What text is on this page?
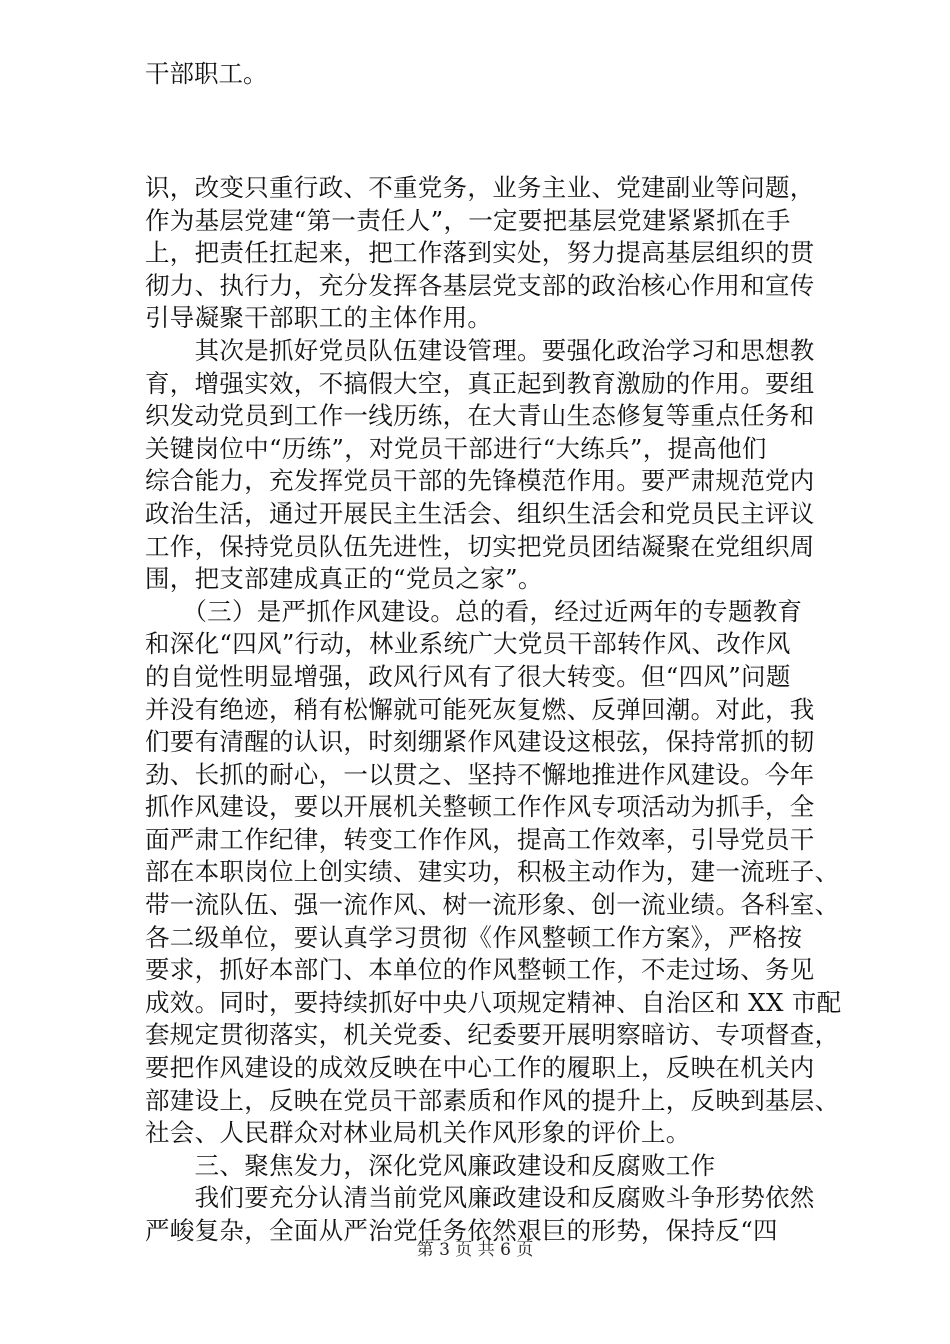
干部职工。
识，改变只重行政、不重党务，业务主业、党建副业等问题，
作为基层党建“第一责任人”，一定要把基层党建紧紧抓在手
上，把责任扛起来，把工作落到实处，努力提高基层组织的贯
彻力、执行力，充分发挥各基层党支部的政治核心作用和宣传
引导凝聚干部职工的主体作用。
　　其次是抓好党员队伍建设管理。要强化政治学习和思想教
育，增强实效，不搞假大空，真正起到教育激励的作用。要组
织发动党员到工作一线历练，在大青山生态修复等重点任务和
关键岗位中“历练”，对党员干部进行“大练兵”，提高他们
综合能力，充发挥党员干部的先锋模范作用。要严肃规范党内
政治生活，通过开展民主生活会、组织生活会和党员民主评议
工作，保持党员队伍先进性，切实把党员团结凝聚在党组织周
围，把支部建成真正的“党员之家”。
　　（三）是严抓作风建设。总的看，经过近两年的专题教育
和深化“四风”行动，林业系统广大党员干部转作风、改作风
的自觉性明显增强，政风行风有了很大转变。但“四风”问题
并没有绝迹，稍有松懈就可能死灰复燃、反弹回潮。对此，我
们要有清醒的认识，时刻绷紧作风建设这根弦，保持常抓的韧
劲、长抓的耐心，一以贯之、坚持不懈地推进作风建设。今年
抓作风建设，要以开展机关整顿工作作风专项活动为抓手，全
面严肃工作纪律，转变工作作风，提高工作效率，引导党员干
部在本职岗位上创实绩、建实功，积极主动作为，建一流班子、
带一流队伍、强一流作风、树一流形象、创一流业绩。各科室、
各二级单位，要认真学习贯彻《作风整顿工作方案》，严格按
要求，抓好本部门、本单位的作风整顿工作，不走过场、务见
成效。同时，要持续抓好中央八项规定精神、自治区和 XX 市配
套规定贯彻落实，机关党委、纪委要开展明察暗访、专项督查，
要把作风建设的成效反映在中心工作的履职上，反映在机关内
部建设上，反映在党员干部素质和作风的提升上，反映到基层、
社会、人民群众对林业局机关作风形象的评价上。
　　三、聚焦发力，深化党风廉政建设和反腐败工作
　　我们要充分认清当前党风廉政建设和反腐败斗争形势依然
严峻复杂，全面从严治党任务依然艰巨的形势，保持反“四
第 3 页 共 6 页
